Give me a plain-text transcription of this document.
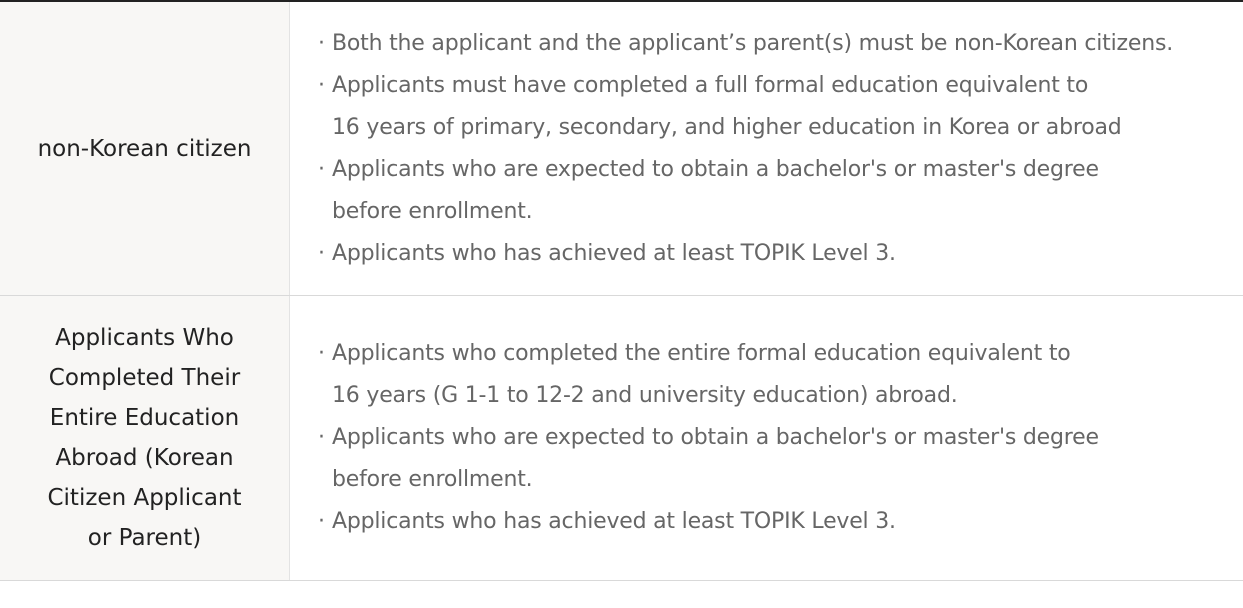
non-Korean citizen
· Both the applicant and the applicant’s parent(s) must be non-Korean citizens.
· Applicants must have completed a full formal education equivalent to
16 years of primary, secondary, and higher education in Korea or abroad
· Applicants who are expected to obtain a bachelor's or master's degree
before enrollment.
· Applicants who has achieved at least TOPIK Level 3.
Applicants Who
Completed Their
Entire Education
Abroad (Korean
Citizen Applicant
or Parent)
· Applicants who completed the entire formal education equivalent to
16 years (G 1-1 to 12-2 and university education) abroad.
· Applicants who are expected to obtain a bachelor's or master's degree
before enrollment.
· Applicants who has achieved at least TOPIK Level 3.
